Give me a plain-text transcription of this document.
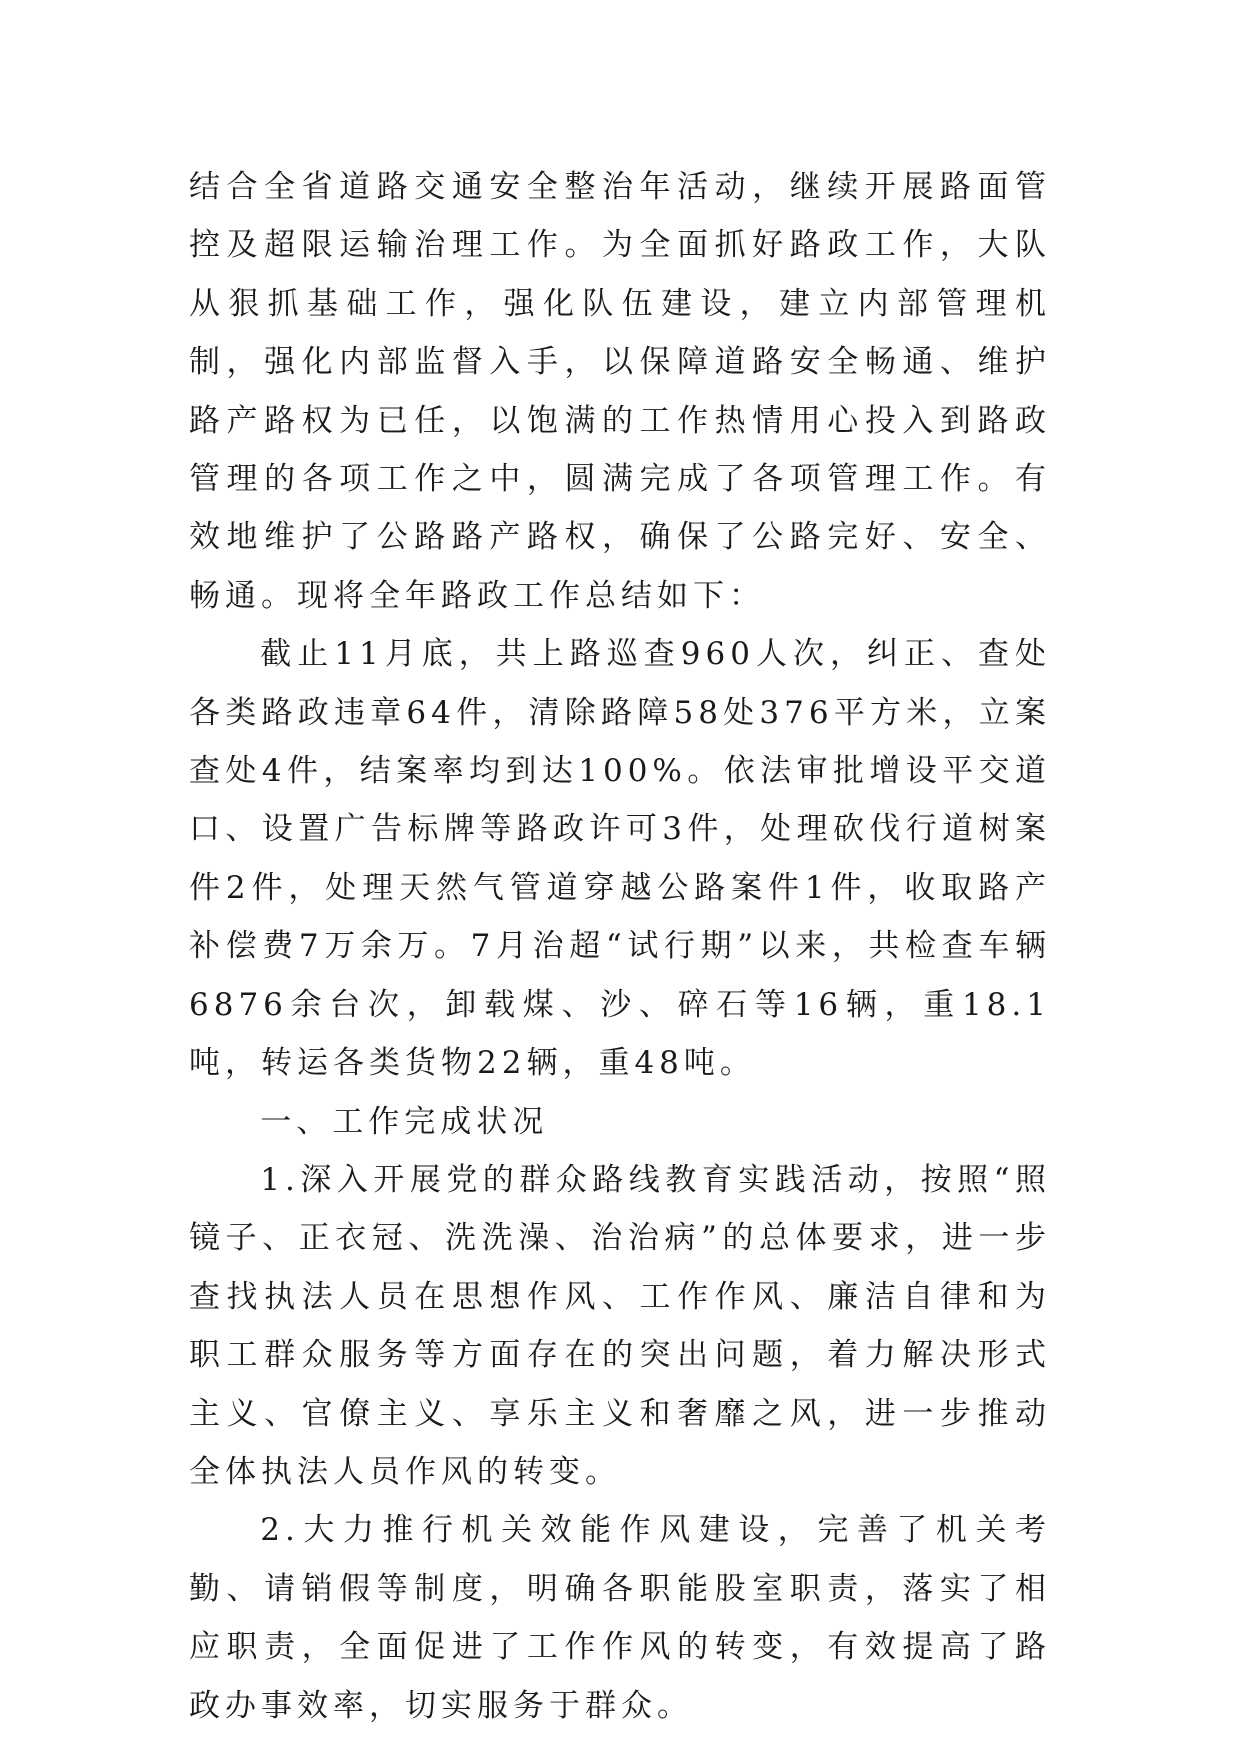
结合全省道路交通安全整治年活动，继续开展路面管控及超限运输治理工作。为全面抓好路政工作，大队从狠抓基础工作，强化队伍建设，建立内部管理机制，强化内部监督入手，以保障道路安全畅通、维护路产路权为已任，以饱满的工作热情用心投入到路政管理的各项工作之中，圆满完成了各项管理工作。有效地维护了公路路产路权，确保了公路完好、安全、畅通。现将全年路政工作总结如下：

截止11月底，共上路巡查960人次，纠正、查处各类路政违章64件，清除路障58处376平方米，立案查处4件，结案率均到达100%。依法审批增设平交道口、设置广告标牌等路政许可3件，处理砍伐行道树案件2件，处理天然气管道穿越公路案件1件，收取路产补偿费7万余万。7月治超“试行期”以来，共检查车辆6876余台次，卸载煤、沙、碎石等16辆，重18.1吨，转运各类货物22辆，重48吨。

一、工作完成状况

1.深入开展党的群众路线教育实践活动，按照“照镜子、正衣冠、洗洗澡、治治病”的总体要求，进一步查找执法人员在思想作风、工作作风、廉洁自律和为职工群众服务等方面存在的突出问题，着力解决形式主义、官僚主义、享乐主义和奢靡之风，进一步推动全体执法人员作风的转变。

2.大力推行机关效能作风建设，完善了机关考勤、请销假等制度，明确各职能股室职责，落实了相应职责，全面促进了工作作风的转变，有效提高了路政办事效率，切实服务于群众。
